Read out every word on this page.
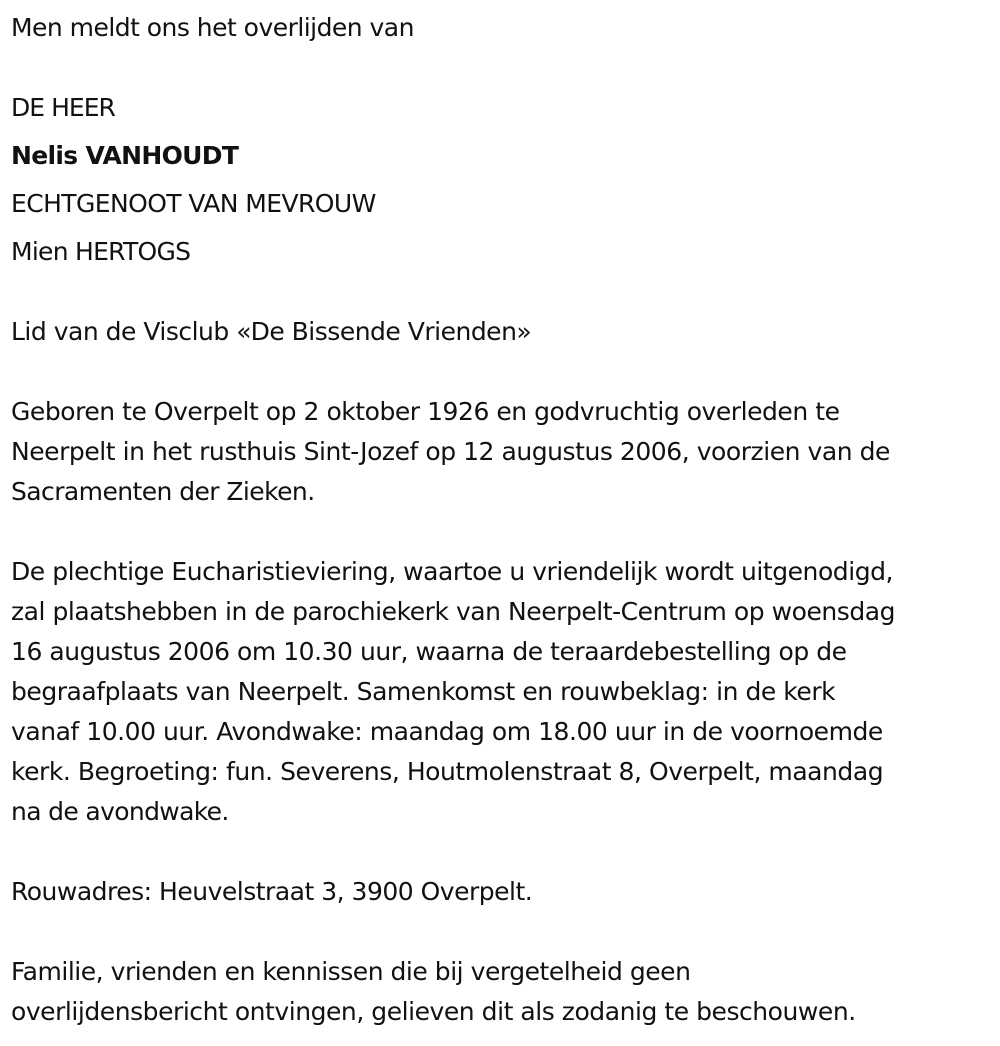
Men meldt ons het overlijden van

DE HEER

Nelis VANHOUDT

ECHTGENOOT VAN MEVROUW

Mien HERTOGS

Lid van de Visclub «De Bissende Vrienden»

Geboren te Overpelt op 2 oktober 1926 en godvruchtig overleden te
Neerpelt in het rusthuis Sint-Jozef op 12 augustus 2006, voorzien van de
Sacramenten der Zieken.
De plechtige Eucharistieviering, waartoe u vriendelijk wordt uitgenodigd,
zal plaatshebben in de parochiekerk van Neerpelt-Centrum op woensdag
16 augustus 2006 om 10.30 uur, waarna de teraardebestelling op de
begraafplaats van Neerpelt. Samenkomst en rouwbeklag: in de kerk
vanaf 10.00 uur. Avondwake: maandag om 18.00 uur in de voornoemde
kerk. Begroeting: fun. Severens, Houtmolenstraat 8, Overpelt, maandag
na de avondwake.

Rouwadres: Heuvelstraat 3, 3900 Overpelt.

Familie, vrienden en kennissen die bij vergetelheid geen
overlijdensbericht ontvingen, gelieven dit als zodanig te beschouwen.
